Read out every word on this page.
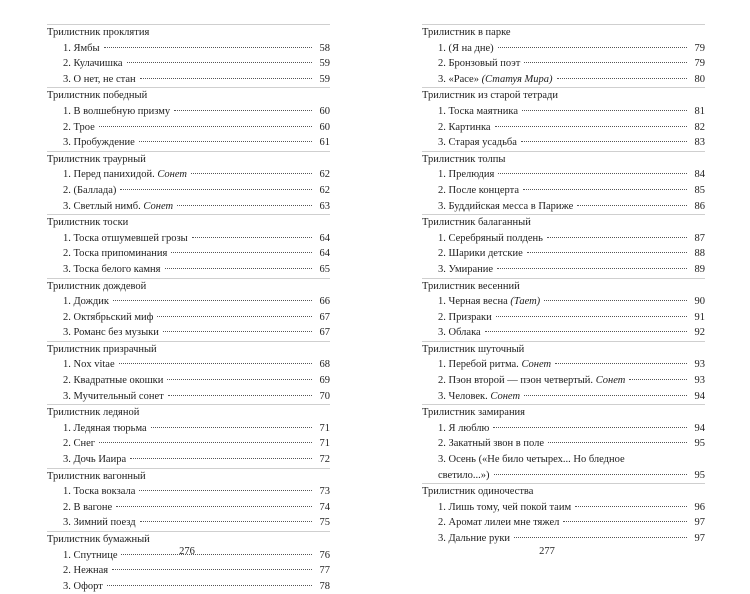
Трилистник проклятия
1. Ямбы	58
2. Кулачишка	59
3. О нет, не стан	59
Трилистник победный
1. В волшебную призму	60
2. Трое	60
3. Пробуждение	61
Трилистник траурный
1. Перед панихидой. Сонет	62
2. (Баллада)	62
3. Светлый нимб. Сонет	63
Трилистник тоски
1. Тоска отшумевшей грозы	64
2. Тоска припоминания	64
3. Тоска белого камня	65
Трилистник дождевой
1. Дождик	66
2. Октябрьский миф	67
3. Романс без музыки	67
Трилистник призрачный
1. Nox vitae	68
2. Квадратные окошки	69
3. Мучительный сонет	70
Трилистник ледяной
1. Ледяная тюрьма	71
2. Снег	71
3. Дочь Иаира	72
Трилистник вагонный
1. Тоска вокзала	73
2. В вагоне	74
3. Зимний поезд	75
Трилистник бумажный
1. Спутнице	76
2. Нежная	77
3. Офорт	78
276
Трилистник в парке
1. (Я на дне)	79
2. Бронзовый поэт	79
3. «Расе» (Статуя Мира)	80
Трилистник из старой тетради
1. Тоска маятника	81
2. Картинка	82
3. Старая усадьба	83
Трилистник толпы
1. Прелюдия	84
2. После концерта	85
3. Буддийская месса в Париже	86
Трилистник балаганный
1. Серебряный полдень	87
2. Шарики детские	88
3. Умирание	89
Трилистник весенний
1. Черная весна (Тает)	90
2. Призраки	91
3. Облака	92
Трилистник шуточный
1. Перебой ритма. Сонет	93
2. Пэон второй — пэон четвертый. Сонет	93
3. Человек. Сонет	94
Трилистник замирания
1. Я люблю	94
2. Закатный звон в поле	95
3. Осень («Не било четырех... Но бледное
светило...»)	95
Трилистник одиночества
1. Лишь тому, чей покой таим	96
2. Аромат лилеи мне тяжел	97
3. Дальние руки	97
277
